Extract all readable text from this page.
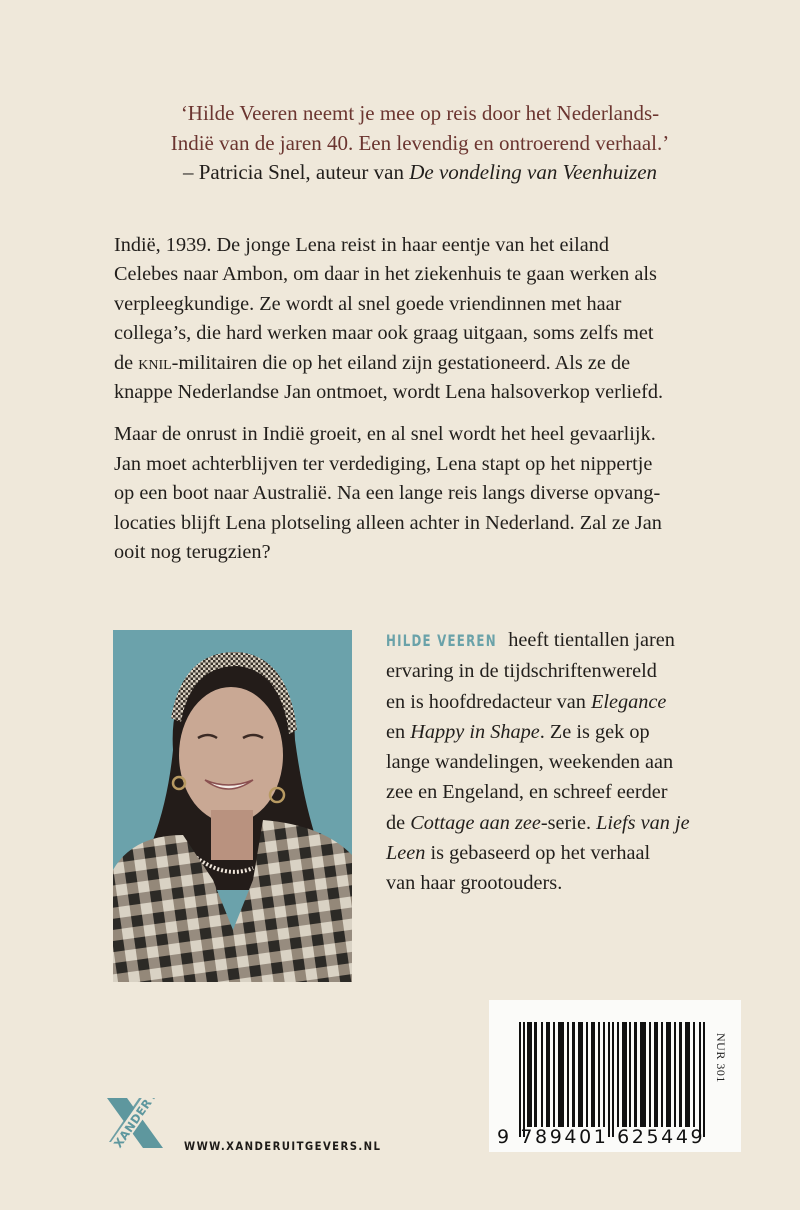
‘Hilde Veeren neemt je mee op reis door het Nederlands-
Indië van de jaren 40. Een levendig en ontroerend verhaal.’
– Patricia Snel, auteur van De vondeling van Veenhuizen

Indië, 1939. De jonge Lena reist in haar eentje van het eiland
Celebes naar Ambon, om daar in het ziekenhuis te gaan werken als
verpleegkundige. Ze wordt al snel goede vriendinnen met haar
collega’s, die hard werken maar ook graag uitgaan, soms zelfs met
de knil-militairen die op het eiland zijn gestationeerd. Als ze de
knappe Nederlandse Jan ontmoet, wordt Lena halsoverkop verliefd.

Maar de onrust in Indië groeit, en al snel wordt het heel gevaarlijk.
Jan moet achterblijven ter verdediging, Lena stapt op het nippertje
op een boot naar Australië. Na een lange reis langs diverse opvang-
locaties blijft Lena plotseling alleen achter in Nederland. Zal ze Jan
ooit nog terugzien?

HILDE VEEREN heeft tientallen jaren
ervaring in de tijdschriftenwereld
en is hoofdredacteur van Elegance
en Happy in Shape. Ze is gek op
lange wandelingen, weekenden aan
zee en Engeland, en schreef eerder
de Cottage aan zee-serie. Liefs van je
Leen is gebaseerd op het verhaal
van haar grootouders.
XANDER	WWW.XANDERUITGEVERS.NL	9 789401 625449
NUR 301
